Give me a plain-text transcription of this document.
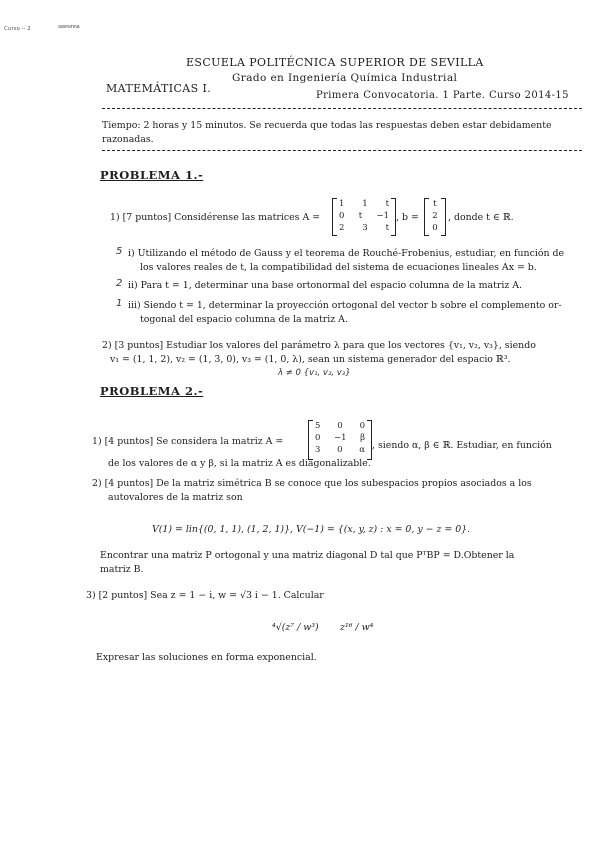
Curso -- 2	sssnsnna
ESCUELA POLITÉCNICA SUPERIOR DE SEVILLA
Grado en Ingeniería Química Industrial
MATEMÁTICAS I.
Primera Convocatoria. 1 Parte. Curso 2014-15
Tiempo: 2 horas y 15 minutos. Se recuerda que todas las respuestas deben estar debidamente
razonadas.
PROBLEMA 1.-
1) [7 puntos] Considérense las matrices A =
1 1 t
0 t −1
2 3 t
, b =
t
2
0
, donde t ∈ ℝ.
5 i) Utilizando el método de Gauss y el teorema de Rouché-Frobenius, estudiar, en función de
los valores reales de t, la compatibilidad del sistema de ecuaciones lineales Ax = b.
2 ii) Para t = 1, determinar una base ortonormal del espacio columna de la matriz A.
1 iii) Siendo t = 1, determinar la proyección ortogonal del vector b sobre el complemento or-
togonal del espacio columna de la matriz A.
2) [3 puntos] Estudiar los valores del parámetro λ para que los vectores {v₁, v₂, v₃}, siendo
v₁ = (1, 1, 2), v₂ = (1, 3, 0), v₃ = (1, 0, λ), sean un sistema generador del espacio ℝ³.
λ ≠ 0 {v₁, v₂, v₃}
PROBLEMA 2.-
1) [4 puntos] Se considera la matriz A =
5 0 0
0 −1 β
3 0 α , siendo α, β ∈ ℝ. Estudiar, en función
de los valores de α y β, si la matriz A es diagonalizable.
2) [4 puntos] De la matriz simétrica B se conoce que los subespacios propios asociados a los
autovalores de la matriz son
V(1) = lin{(0, 1, 1), (1, 2, 1)}, V(−1) = {(x, y, z) : x = 0, y − z = 0}.
Encontrar una matriz P ortogonal y una matriz diagonal D tal que PᵀBP = D.Obtener la
matriz B.
3) [2 puntos] Sea z = 1 − i, w = √3 i − 1. Calcular
⁴√(z⁷ / w³) z¹⁶ / w⁴
Expresar las soluciones en forma exponencial.
